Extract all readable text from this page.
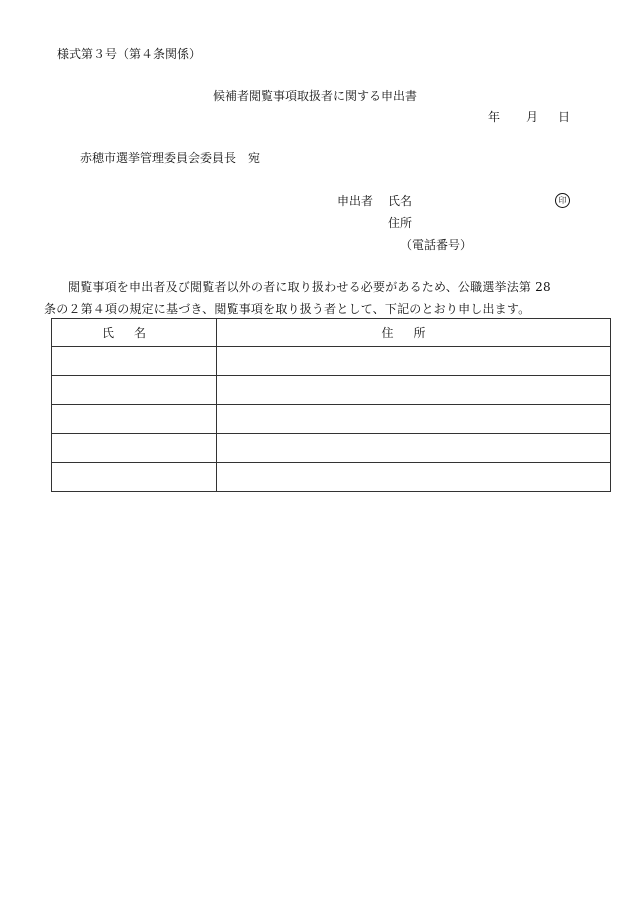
様式第３号（第４条関係）
候補者閲覧事項取扱者に関する申出書
年 月 日
赤穂市選挙管理委員会委員長　宛
申出者 氏名	印
住所
（電話番号）
閲覧事項を申出者及び閲覧者以外の者に取り扱わせる必要があるため、公職選挙法第 28
条の２第４項の規定に基づき、閲覧事項を取り扱う者として、下記のとおり申し出ます。
氏名	住所
